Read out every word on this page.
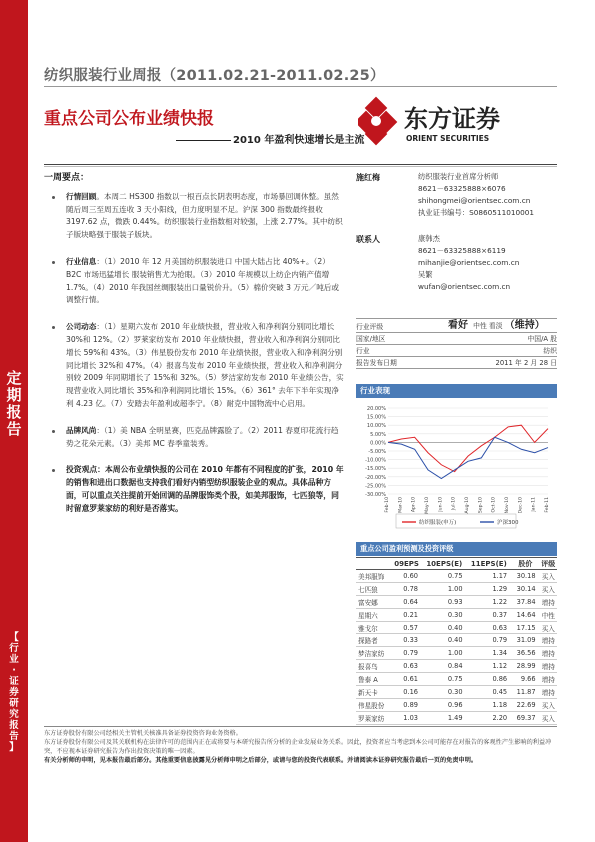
定
期
报
告
【
行
业
·
证
券
研
究
报
告
】
纺织服装行业周报（2011.02.21-2011.02.25）
重点公司公布业绩快报
2010 年盈利快速增长是主流
东方证券
ORIENT SECURITIES
一周要点：
行情回顾。本周二 HS300 指数以一根百点长阴表明态度，市场暴回调休整。虽然随后周三至周五连收 3 天小阳线，但力度明显不足。沪深 300 指数最终报收 3197.62 点，微跌 0.44%。纺织服装行业指数相对较强，上涨 2.77%。其中纺织子版块略强于服装子版块。
行业信息：（1）2010 年 12 月美国纺织服装进口 中国大陆占比 40%+。（2）B2C 市场迅猛增长 服装销售尤为抢眼。（3）2010 年规模以上纺企内销产值增 1.7%。（4）2010 年我国丝绸服装出口量锐价升。（5）棉价突破 3 万元／吨后或调整行情。
公司动态：（1）星期六发布 2010 年业绩快报，营业收入和净利润分别同比增长 30%和 12%。（2）罗莱家纺发布 2010 年业绩快报，营业收入和净利润分别同比增长 59%和 43%。（3）伟星股份发布 2010 年业绩快报，营业收入和净利润分别同比增长 32%和 47%。（4）报喜鸟发布 2010 年业绩快报，营业收入和净利润分别较 2009 年同期增长了 15%和 32%。（5）梦洁家纺发布 2010 年业绩公告，实现营业收入同比增长 35%和净利润同比增长 15%。（6）361° 去年下半年实现净利 4.23 亿。（7）安踏去年盈利或超李宁。（8）耐克中国物流中心启用。
品牌风尚：（1）美 NBA 全明星赛，匹克品牌露脸了。（2）2011 春夏印花流行趋势之花朵元素。（3）美邦 MC 春季童装秀。
投资观点：本周公布业绩快报的公司在 2010 年都有不同程度的扩张，2010 年的销售和进出口数据也支持我们看好内销型纺织服装企业的观点。具体品种方面，可以重点关注提前开始回调的品牌服饰类个股，如美邦服饰，七匹狼等，同时留意罗莱家纺的利好是否落实。
施红梅	纺织服装行业首席分析师
8621－63325888×6076
shihongmei@orientsec.com.cn
执业证书编号：S0860511010001
联系人	康韩杰
8621－63325888×6119
mihanjie@orientsec.com.cn
吴繁
wufan@orientsec.com.cn
行业评级	看好 中性 看淡 （维持）
国家/地区	中国/A 股
行业	纺织
报告发布日期	2011 年 2 月 28 日
行业表现
20.00%
15.00%
10.00%
5.00%
0.00%
-5.00%
-10.00%
-15.00%
-20.00%
-25.00%
-30.00%
Feb-10 Mar-10 Apr-10 May-10 Jun-10 Jul-10 Aug-10 Sep-10 Oct-10 Nov-10 Dec-10 Jan-11 Feb-11
纺织服装(申万)	沪深300
重点公司盈利预测及投资评级
	09EPS	10EPS(E)	11EPS(E)	股价	评级
美邦服饰	0.60	0.75	1.17	30.18	买入
七匹狼	0.78	1.00	1.29	30.14	买入
富安娜	0.64	0.93	1.22	37.84	增持
星期六	0.21	0.30	0.37	14.64	中性
雅戈尔	0.57	0.40	0.63	17.15	买入
探路者	0.33	0.40	0.79	31.09	增持
梦洁家纺	0.79	1.00	1.34	36.56	增持
报喜鸟	0.63	0.84	1.12	28.99	增持
鲁泰 A	0.61	0.75	0.86	9.66	增持
新天卡	0.16	0.30	0.45	11.87	增持
伟星股份	0.89	0.96	1.18	22.69	买入
罗莱家纺	1.03	1.49	2.20	69.37	买入
东方证券股份有限公司经相关主管机关核准具备证券投资咨询业务资格。
东方证券股份有限公司及其关联机构在法律许可的范围内正在或将要与本研究报告所分析的企业发展业务关系。因此，投资者应当考虑到本公司可能存在对报告的客观性产生影响的利益冲突，不应视本证券研究报告为作出投资决策的唯一因素。
有关分析师的申明，见本报告最后部分。其他重要信息披露见分析师申明之后部分，或请与您的投资代表联系。并请阅读本证券研究报告最后一页的免责申明。
